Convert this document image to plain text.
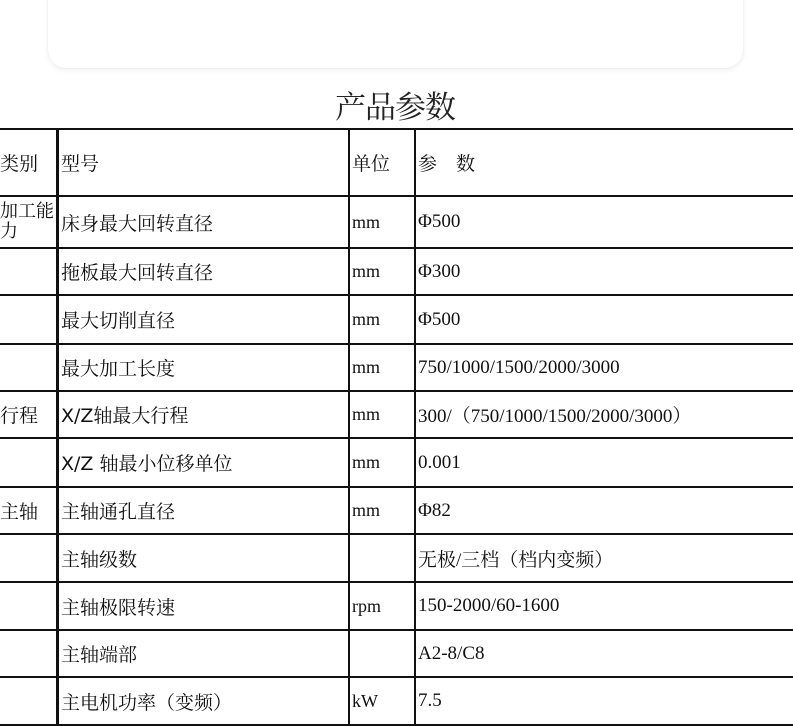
产品参数
类别	型号	单位	参　数
加工能力	床身最大回转直径	mm	Φ500
	拖板最大回转直径	mm	Φ300
	最大切削直径	mm	Φ500
	最大加工长度	mm	750/1000/1500/2000/3000
行程	X/Z轴最大行程	mm	300/（750/1000/1500/2000/3000）
	X/Z 轴最小位移单位	mm	0.001
主轴	主轴通孔直径	mm	Φ82
	主轴级数		无极/三档（档内变频）
	主轴极限转速	rpm	150-2000/60-1600
	主轴端部		A2-8/C8
	主电机功率（变频）	kW	7.5
